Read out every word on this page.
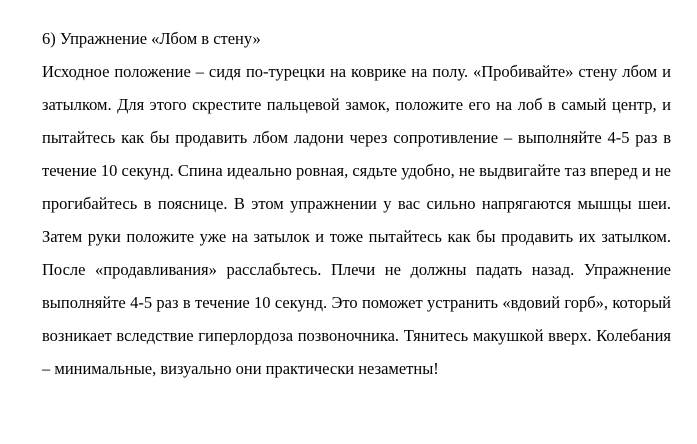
6) Упражнение «Лбом в стену»

Исходное положение – сидя по-турецки на коврике на полу. «Пробивайте» стену лбом и затылком. Для этого скрестите пальцевой замок, положите его на лоб в самый центр, и пытайтесь как бы продавить лбом ладони через сопротивление – выполняйте 4-5 раз в течение 10 секунд. Спина идеально ровная, сядьте удобно, не выдвигайте таз вперед и не прогибайтесь в пояснице. В этом упражнении у вас сильно напрягаются мышцы шеи. Затем руки положите уже на затылок и тоже пытайтесь как бы продавить их затылком. После «продавливания» расслабьтесь. Плечи не должны падать назад. Упражнение выполняйте 4-5 раз в течение 10 секунд. Это поможет устранить «вдовий горб», который возникает вследствие гиперлордоза позвоночника. Тянитесь макушкой вверх. Колебания – минимальные, визуально они практически незаметны!
